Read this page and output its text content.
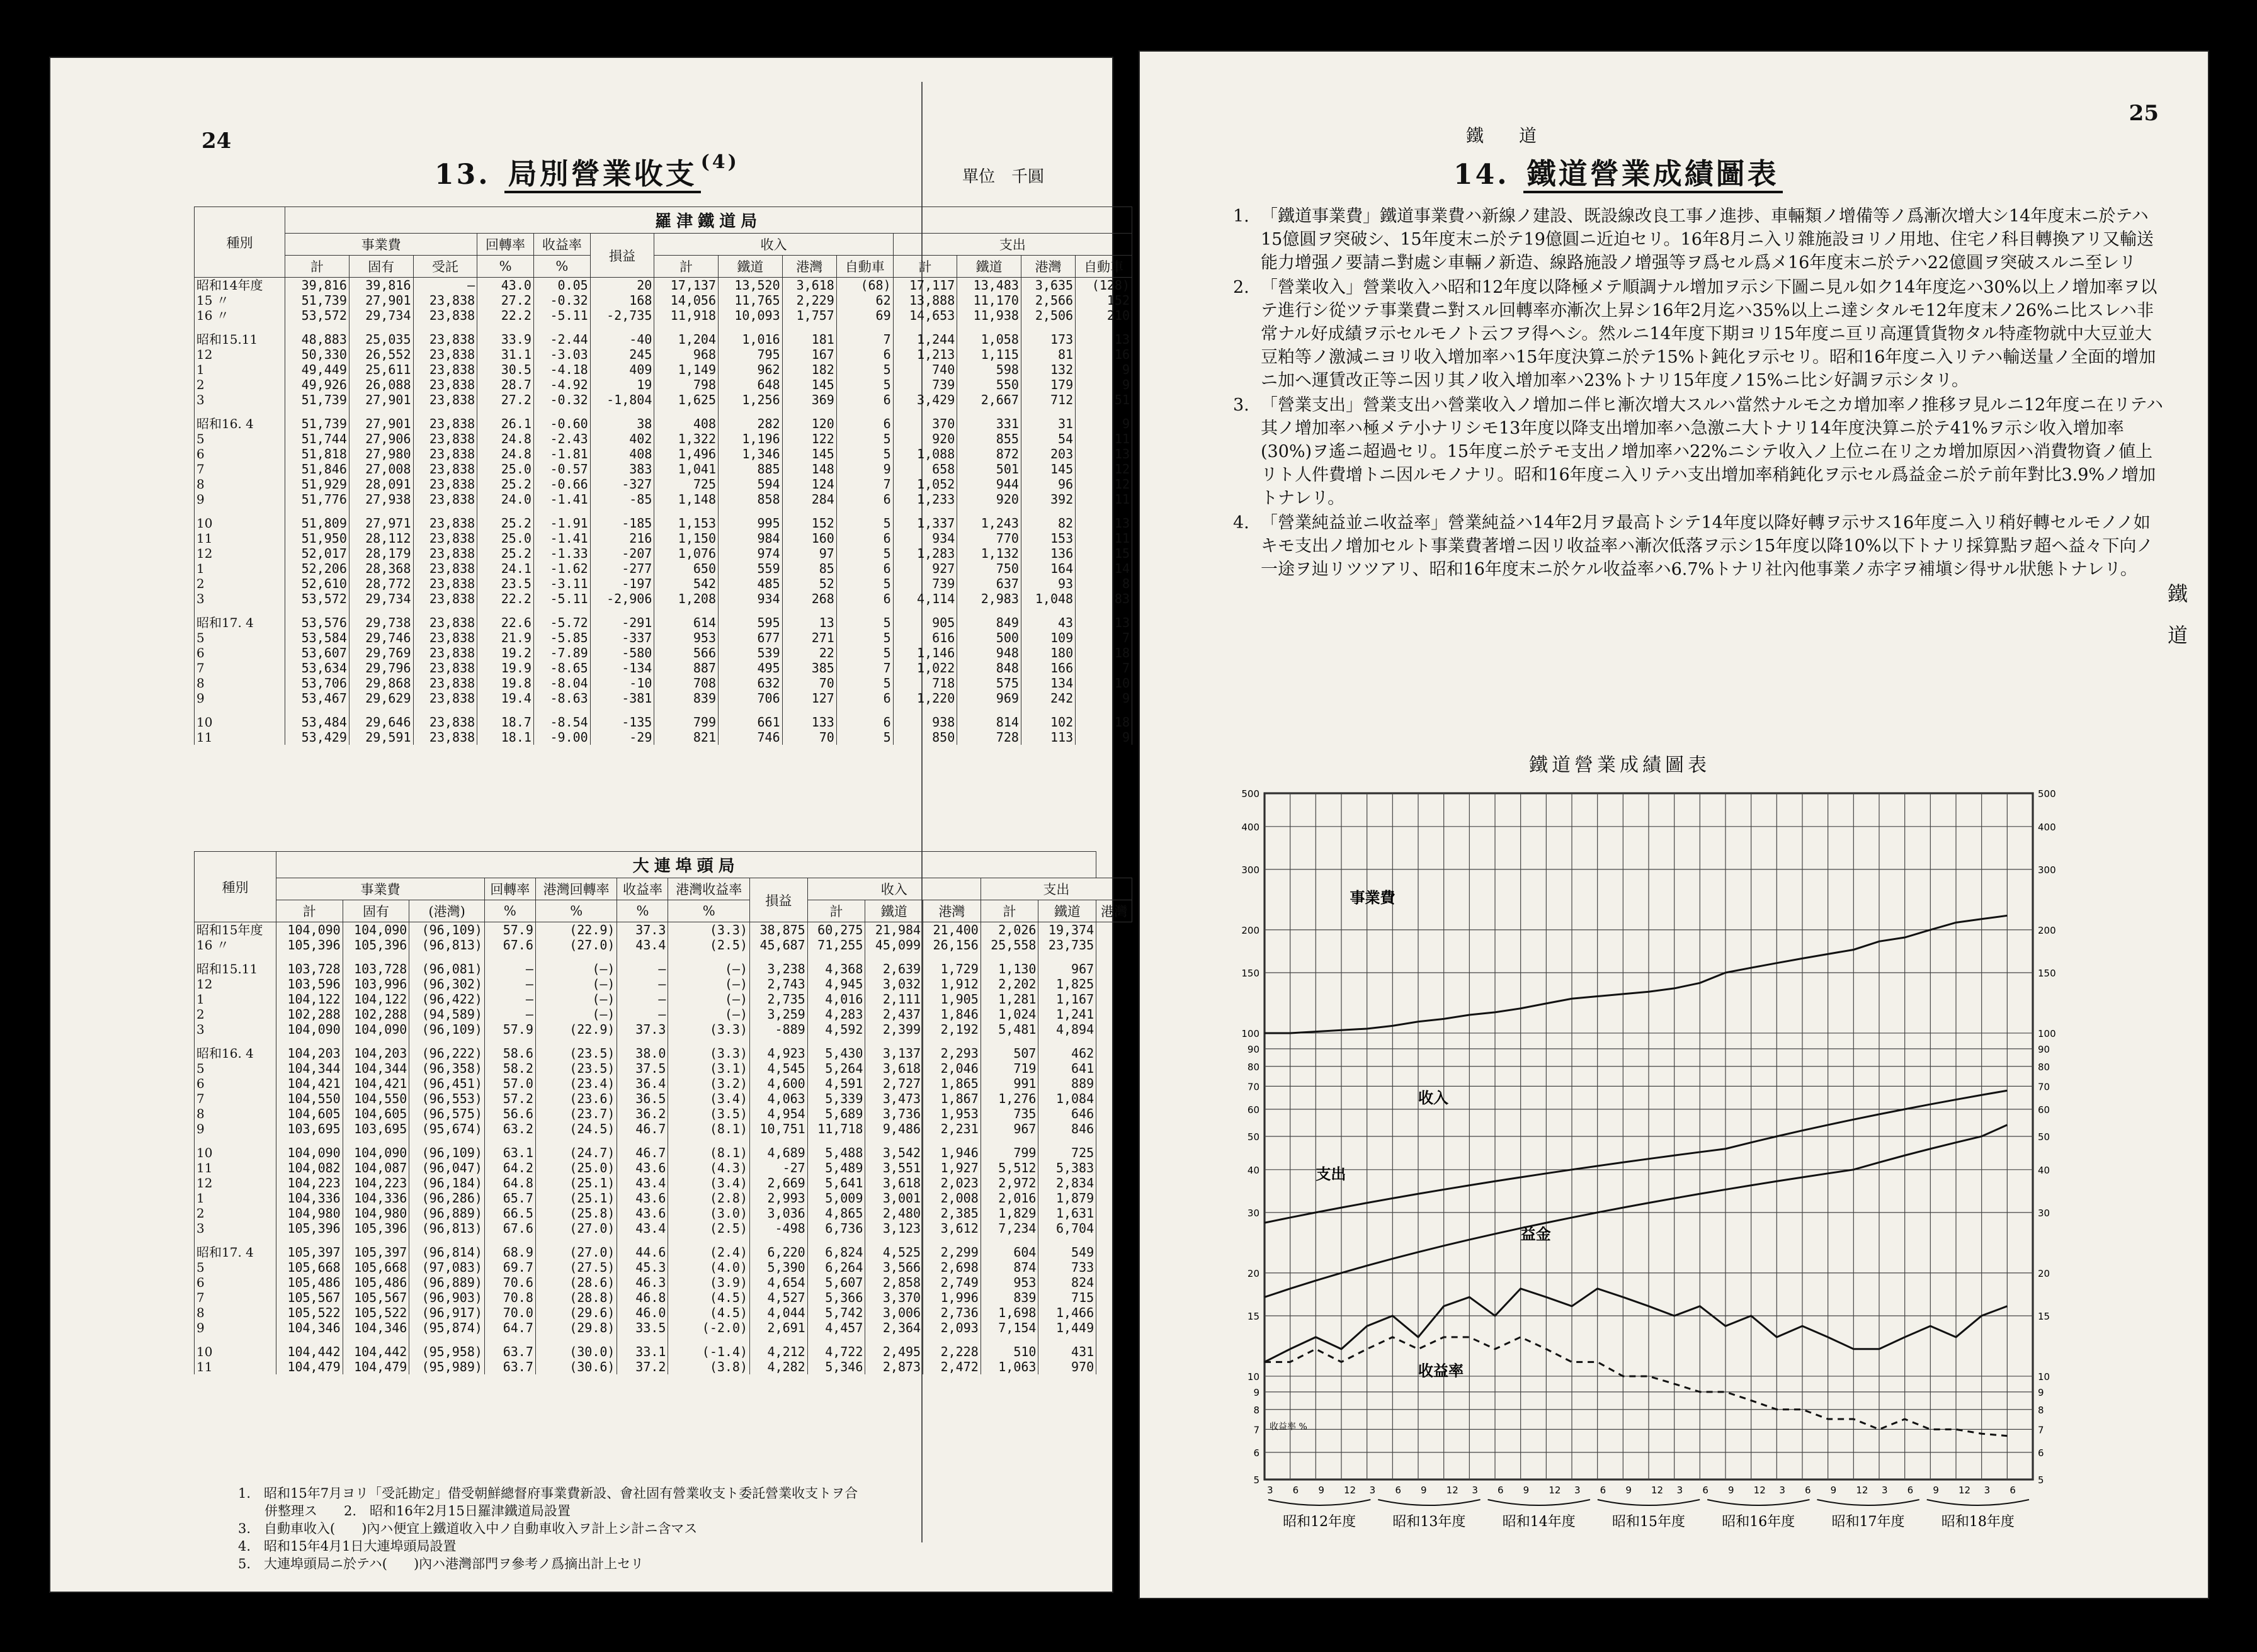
24
13. 局別營業收支 $^{(4)}$
單位　千圓
種別	羅津鐵道局													
	事業費			回轉率	收益率	損益	收入				支出			
	計	固有	受託	%	%		計	鐵道	港灣	自動車	計	鐵道	港灣	自動車
昭和14年度	39,816	39,816	—	43.0	0.05	20	17,137	13,520	3,618	(68)	17,117	13,483	3,635	(128)
15 〃	51,739	27,901	23,838	27.2	-0.32	168	14,056	11,765	2,229	62	13,888	11,170	2,566	152
16 〃	53,572	29,734	23,838	22.2	-5.11	-2,735	11,918	10,093	1,757	69	14,653	11,938	2,506	210

昭和15.11	48,883	25,035	23,838	33.9	-2.44	-40	1,204	1,016	181	7	1,244	1,058	173	13
12	50,330	26,552	23,838	31.1	-3.03	245	968	795	167	6	1,213	1,115	81	16
1	49,449	25,611	23,838	30.5	-4.18	409	1,149	962	182	5	740	598	132	9
2	49,926	26,088	23,838	28.7	-4.92	19	798	648	145	5	739	550	179	9
3	51,739	27,901	23,838	27.2	-0.32	-1,804	1,625	1,256	369	6	3,429	2,667	712	51

昭和16. 4	51,739	27,901	23,838	26.1	-0.60	38	408	282	120	6	370	331	31	9
5	51,744	27,906	23,838	24.8	-2.43	402	1,322	1,196	122	5	920	855	54	11
6	51,818	27,980	23,838	24.8	-1.81	408	1,496	1,346	145	5	1,088	872	203	13
7	51,846	27,008	23,838	25.0	-0.57	383	1,041	885	148	9	658	501	145	12
8	51,929	28,091	23,838	25.2	-0.66	-327	725	594	124	7	1,052	944	96	12
9	51,776	27,938	23,838	24.0	-1.41	-85	1,148	858	284	6	1,233	920	392	11

10	51,809	27,971	23,838	25.2	-1.91	-185	1,153	995	152	5	1,337	1,243	82	13
11	51,950	28,112	23,838	25.0	-1.41	216	1,150	984	160	6	934	770	153	11
12	52,017	28,179	23,838	25.2	-1.33	-207	1,076	974	97	5	1,283	1,132	136	15
1	52,206	28,368	23,838	24.1	-1.62	-277	650	559	85	6	927	750	164	14
2	52,610	28,772	23,838	23.5	-3.11	-197	542	485	52	5	739	637	93	8
3	53,572	29,734	23,838	22.2	-5.11	-2,906	1,208	934	268	6	4,114	2,983	1,048	83

昭和17. 4	53,576	29,738	23,838	22.6	-5.72	-291	614	595	13	5	905	849	43	13
5	53,584	29,746	23,838	21.9	-5.85	-337	953	677	271	5	616	500	109	7
6	53,607	29,769	23,838	19.2	-7.89	-580	566	539	22	5	1,146	948	180	18
7	53,634	29,796	23,838	19.9	-8.65	-134	887	495	385	7	1,022	848	166	7
8	53,706	29,868	23,838	19.8	-8.04	-10	708	632	70	5	718	575	134	10
9	53,467	29,629	23,838	19.4	-8.63	-381	839	706	127	6	1,220	969	242	9

10	53,484	29,646	23,838	18.7	-8.54	-135	799	661	133	6	938	814	102	18
11	53,429	29,591	23,838	18.1	-9.00	-29	821	746	70	5	850	728	113	9
種別	大連埠頭局													
	事業費			回轉率	港灣回轉率	收益率	港灣收益率	損益	收入			支出		
	計	固有	(港灣)	%	%	%	%		計	鐵道	港灣	計	鐵道	港灣
昭和15年度	104,090	104,090	(96,109)	57.9	(22.9)	37.3	(3.3)	38,875	60,275	21,984	21,400	2,026	19,374	
16 〃	105,396	105,396	(96,813)	67.6	(27.0)	43.4	(2.5)	45,687	71,255	45,099	26,156	25,558	23,735	

昭和15.11	103,728	103,728	(96,081)	—	(—)	—	(—)	3,238	4,368	2,639	1,729	1,130	967	
12	103,596	103,996	(96,302)	—	(—)	—	(—)	2,743	4,945	3,032	1,912	2,202	1,825	
1	104,122	104,122	(96,422)	—	(—)	—	(—)	2,735	4,016	2,111	1,905	1,281	1,167	
2	102,288	102,288	(94,589)	—	(—)	—	(—)	3,259	4,283	2,437	1,846	1,024	1,241	
3	104,090	104,090	(96,109)	57.9	(22.9)	37.3	(3.3)	-889	4,592	2,399	2,192	5,481	4,894	

昭和16. 4	104,203	104,203	(96,222)	58.6	(23.5)	38.0	(3.3)	4,923	5,430	3,137	2,293	507	462	
5	104,344	104,344	(96,358)	58.2	(23.5)	37.5	(3.1)	4,545	5,264	3,618	2,046	719	641	
6	104,421	104,421	(96,451)	57.0	(23.4)	36.4	(3.2)	4,600	4,591	2,727	1,865	991	889	
7	104,550	104,550	(96,553)	57.2	(23.6)	36.5	(3.4)	4,063	5,339	3,473	1,867	1,276	1,084	
8	104,605	104,605	(96,575)	56.6	(23.7)	36.2	(3.5)	4,954	5,689	3,736	1,953	735	646	
9	103,695	103,695	(95,674)	63.2	(24.5)	46.7	(8.1)	10,751	11,718	9,486	2,231	967	846	

10	104,090	104,090	(96,109)	63.1	(24.7)	46.7	(8.1)	4,689	5,488	3,542	1,946	799	725	
11	104,082	104,087	(96,047)	64.2	(25.0)	43.6	(4.3)	-27	5,489	3,551	1,927	5,512	5,383	
12	104,223	104,223	(96,184)	64.8	(25.1)	43.4	(3.4)	2,669	5,641	3,618	2,023	2,972	2,834	
1	104,336	104,336	(96,286)	65.7	(25.1)	43.6	(2.8)	2,993	5,009	3,001	2,008	2,016	1,879	
2	104,980	104,980	(96,889)	66.5	(25.8)	43.6	(3.0)	3,036	4,865	2,480	2,385	1,829	1,631	
3	105,396	105,396	(96,813)	67.6	(27.0)	43.4	(2.5)	-498	6,736	3,123	3,612	7,234	6,704	

昭和17. 4	105,397	105,397	(96,814)	68.9	(27.0)	44.6	(2.4)	6,220	6,824	4,525	2,299	604	549	
5	105,668	105,668	(97,083)	69.7	(27.5)	45.3	(4.0)	5,390	6,264	3,566	2,698	874	733	
6	105,486	105,486	(96,889)	70.6	(28.6)	46.3	(3.9)	4,654	5,607	2,858	2,749	953	824	
7	105,567	105,567	(96,903)	70.8	(28.8)	46.8	(4.5)	4,527	5,366	3,370	1,996	839	715	
8	105,522	105,522	(96,917)	70.0	(29.6)	46.0	(4.5)	4,044	5,742	3,006	2,736	1,698	1,466	
9	104,346	104,346	(95,874)	64.7	(29.8)	33.5	(-2.0)	2,691	4,457	2,364	2,093	7,154	1,449	

10	104,442	104,442	(95,958)	63.7	(30.0)	33.1	(-1.4)	4,212	4,722	2,495	2,228	510	431	
11	104,479	104,479	(95,989)	63.7	(30.6)	37.2	(3.8)	4,282	5,346	2,873	2,472	1,063	970	
1.　昭和15年7月ヨリ「受託勘定」借受朝鮮總督府事業費新設、會社固有營業收支ト委託營業收支トヲ合
　　併整理ス　　2.　昭和16年2月15日羅津鐵道局設置
3.　自動車收入(　　)內ハ便宜上鐵道收入中ノ自動車收入ヲ計上シ計ニ含マス
4.　昭和15年4月1日大連埠頭局設置
5.　大連埠頭局ニ於テハ(　　)內ハ港灣部門ヲ參考ノ爲摘出計上セリ
25
鐵　　道
14. 鐵道營業成績圖表
1. 「鐵道事業費」鐵道事業費ハ新線ノ建設、既設線改良工事ノ進捗、車輛類ノ增備等ノ爲漸次增大シ14年度末ニ於テハ15億圓ヲ突破シ、15年度末ニ於テ19億圓ニ近迫セリ。16年8月ニ入リ雜施設ヨリノ用地、住宅ノ科目轉換アリ又輸送能力增强ノ要請ニ對處シ車輛ノ新造、線路施設ノ增强等ヲ爲セル爲メ16年度末ニ於テハ22億圓ヲ突破スルニ至レリ
2. 「營業收入」營業收入ハ昭和12年度以降極メテ順調ナル增加ヲ示シ下圖ニ見ル如ク14年度迄ハ30%以上ノ增加率ヲ以テ進行シ從ツテ事業費ニ對スル回轉率亦漸次上昇シ16年2月迄ハ35%以上ニ達シタルモ12年度末ノ26%ニ比スレハ非常ナル好成績ヲ示セルモノト云フヲ得ヘシ。然ルニ14年度下期ヨリ15年度ニ亘リ高運賃貨物タル特產物就中大豆並大豆粕等ノ激減ニヨリ收入增加率ハ15年度決算ニ於テ15%ト鈍化ヲ示セリ。昭和16年度ニ入リテハ輸送量ノ全面的增加ニ加ヘ運賃改正等ニ因リ其ノ收入增加率ハ23%トナリ15年度ノ15%ニ比シ好調ヲ示シタリ。
3. 「營業支出」營業支出ハ營業收入ノ增加ニ伴ヒ漸次增大スルハ當然ナルモ之カ增加率ノ推移ヲ見ルニ12年度ニ在リテハ其ノ增加率ハ極メテ小ナリシモ13年度以降支出增加率ハ急激ニ大トナリ14年度決算ニ於テ41%ヲ示シ收入增加率(30%)ヲ遙ニ超過セリ。15年度ニ於テモ支出ノ增加率ハ22%ニシテ收入ノ上位ニ在リ之カ增加原因ハ消費物資ノ値上リト人件費增トニ因ルモノナリ。昭和16年度ニ入リテハ支出增加率稍鈍化ヲ示セル爲益金ニ於テ前年對比3.9%ノ增加トナレリ。
4. 「營業純益並ニ收益率」營業純益ハ14年2月ヲ最高トシテ14年度以降好轉ヲ示サス16年度ニ入リ稍好轉セルモノノ如キモ支出ノ增加セルト事業費著增ニ因リ收益率ハ漸次低落ヲ示シ15年度以降10%以下トナリ採算點ヲ超ヘ益々下向ノ一途ヲ辿リツツアリ、昭和16年度末ニ於ケル收益率ハ6.7%トナリ社內他事業ノ赤字ヲ補塡シ得サル狀態トナレリ。
鐵
道
鐵道營業成績圖表
500	500
400	400
300	300
200	200
150	150
100	100
90	90
80	80
70	70
60	60
50	50
40	40
30	30
20	20
15	15
10	10
9	9
8	8
7	7
6	6
5	5
3 6 9 12 3 6 9 12 3 6 9 12 3 6 9 12 3 6 9 12 3 6 9 12 3 6 9 12 3 6
昭和12年度	昭和13年度	昭和14年度	昭和15年度	昭和16年度	昭和17年度	昭和18年度
事業費
收入
支出
益金
收益率
收益率 %
